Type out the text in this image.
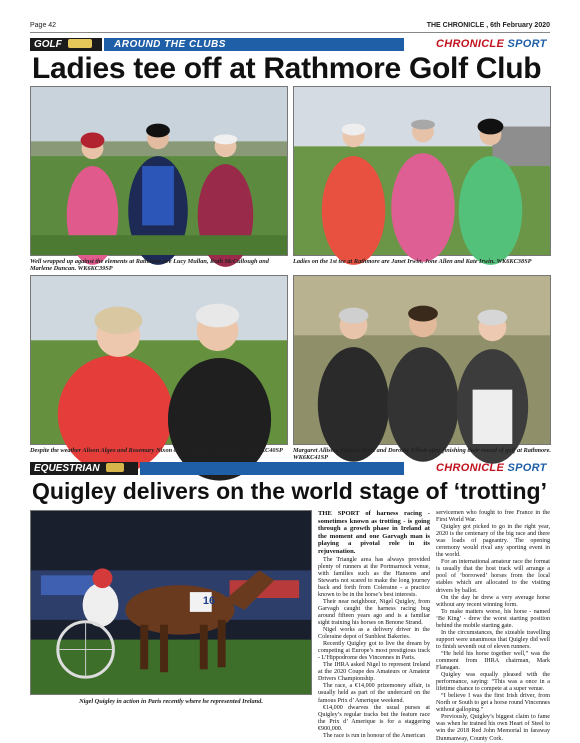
Page 42	THE CHRONICLE , 6th February 2020
GOLF	AROUND THE CLUBS	CHRONICLE SPORT
Ladies tee off at Rathmore Golf Club
Well wrapped up against the elements at Rathmore are Lucy Mullan, Ruth McCullough and Marlene Duncan. WK6KC39SP
Ladies on the 1st tee at Rathmore are Janet Irwin, Jone Allen and Kate Irwin. WK6KC38SP
Despite the weather Alison Algeo and Rosemary Nixon on the first tee at Rathmore. WK6KC40SP	Margaret Allison, Shauna Park and Dorothy Elliott after finishing their round of golf at Rathmore. WK6KC41SP
EQUESTRIAN	CHRONICLE SPORT
Quigley delivers on the world stage of ‘trotting’
16
Nigel Quigley in action in Paris recently where he represented Ireland.

THE SPORT of harness racing - sometimes known as trotting - is going through a growth phase in Ireland at the moment and one Garvagh man is playing a pivotal role in its rejuvenation.

The Triangle area has always provided plenty of runners at the Portmarnock venue, with families such as the Hansons and Stewarts not scared to make the long journey back and forth from Coleraine - a practice known to be in the horse’s best interests.

Their near neighbour, Nigel Quigley, from Garvagh caught the harness racing bug around fifteen years ago and is a familiar sight training his horses on Benone Strand.

Nigel works as a delivery driver in the Coleraine depot of Sunblest Bakeries.

Recently Quigley got to live the dream by competing at Europe’s most prestigious track - L’Hippodrome des Vincennes in Paris.

The IHRA asked Nigel to represent Ireland at the 2020 Coupe des Amateurs or Amateur Drivers Championship.

The race, a €14,000 prizemoney affair, is usually held as part of the undercard on the famous Prix d’ Amerique weekend.

€14,000 dwarves the usual purses at Quigley’s regular tracks but the feature race the Prix d’ Amerique is for a staggering €900,000.

The race is run in honour of the American

servicemen who fought to free France in the First World War.

Quigley got picked to go in the right year, 2020 is the centenary of the big race and there was loads of pageantry. The opening ceremony would rival any sporting event in the world.

For an international amateur race the format is usually that the host track will arrange a pool of ‘borrowed’ horses from the local stables which are allocated to the visiting drivers by ballot.

On the day he drew a very average horse without any recent winning form.

To make matters worse, his horse - named ‘Be King’ - drew the worst starting position behind the mobile starting gate.

In the circumstances, the sizeable travelling support were unanimous that Quigley did well to finish seventh out of eleven runners.

“He held his horse together well,” was the comment from IHRA chairman, Mark Flanagan.

Quigley was equally pleased with the performance, saying: “This was a once in a lifetime chance to compete at a super venue.

“I believe I was the first Irish driver, from North or South to get a horse round Vincennes without galloping.”

Previously, Quigley’s biggest claim to fame was when he trained his own Heart of Steel to win the 2018 Red John Memorial in faraway Dunmanway, County Cork.
